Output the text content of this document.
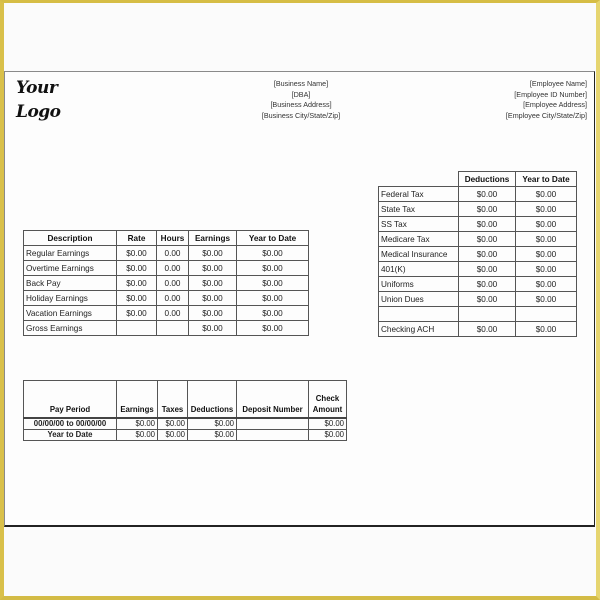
Your
Logo
[Business Name]
[DBA]
[Business Address]
[Business City/State/Zip]
[Employee Name]
[Employee ID Number]
[Employee Address]
[Employee City/State/Zip]
Description	Rate	Hours	Earnings	Year to Date
Regular Earnings	$0.00	0.00	$0.00	$0.00
Overtime Earnings	$0.00	0.00	$0.00	$0.00
Back Pay	$0.00	0.00	$0.00	$0.00
Holiday Earnings	$0.00	0.00	$0.00	$0.00
Vacation Earnings	$0.00	0.00	$0.00	$0.00
Gross Earnings			$0.00	$0.00
	Deductions	Year to Date
Federal Tax	$0.00	$0.00
State Tax	$0.00	$0.00
SS Tax	$0.00	$0.00
Medicare Tax	$0.00	$0.00
Medical Insurance	$0.00	$0.00
401(K)	$0.00	$0.00
Uniforms	$0.00	$0.00
Union Dues	$0.00	$0.00

Checking ACH	$0.00	$0.00
Pay Period	Earnings	Taxes	Deductions	Deposit Number	Check Amount
00/00/00 to 00/00/00	$0.00	$0.00	$0.00		$0.00
Year to Date	$0.00	$0.00	$0.00		$0.00
